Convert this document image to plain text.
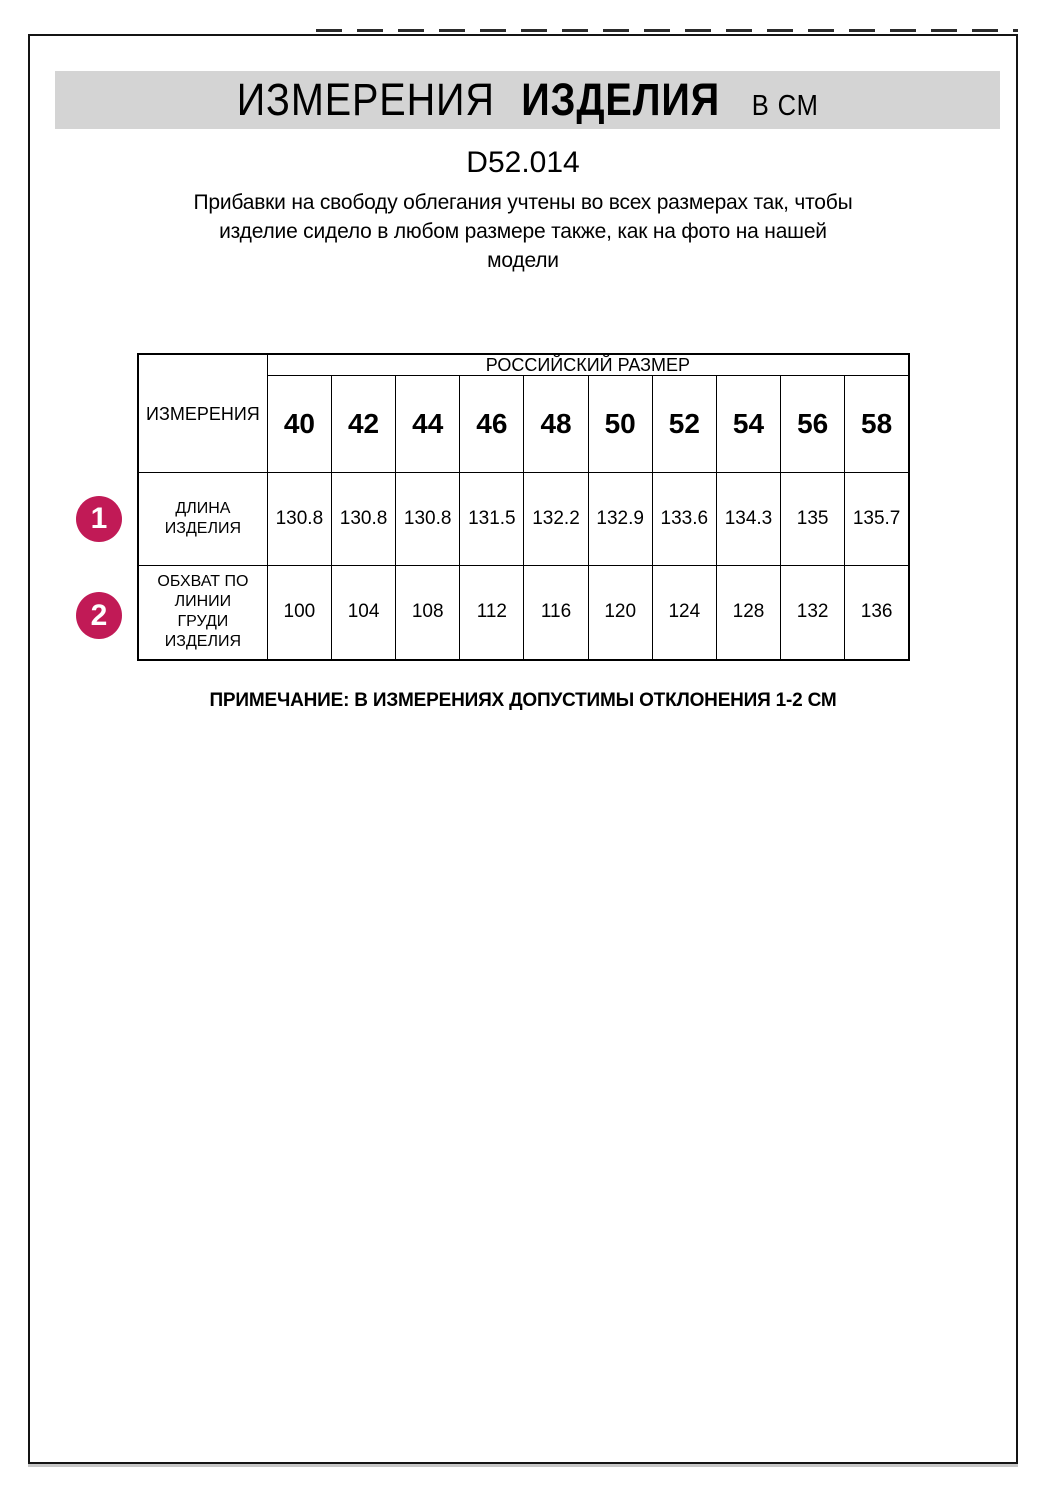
ИЗМЕРЕНИЯ ИЗДЕЛИЯ В СМ
D52.014
Прибавки на свободу облегания учтены во всех размерах так, чтобы
изделие сидело в любом размере также, как на фото на нашей
модели
ИЗМЕРЕНИЯ	РОССИЙСКИЙ РАЗМЕР									
	40	42	44	46	48	50	52	54	56	58

ДЛИНА
ИЗДЕЛИЯ	130.8	130.8	130.8	131.5	132.2	132.9	133.6	134.3	135	135.7

ОБХВАТ ПО
ЛИНИИ
ГРУДИ
ИЗДЕЛИЯ	100	104	108	112	116	120	124	128	132	136
1
2
ПРИМЕЧАНИЕ: В ИЗМЕРЕНИЯХ ДОПУСТИМЫ ОТКЛОНЕНИЯ 1-2 СМ
